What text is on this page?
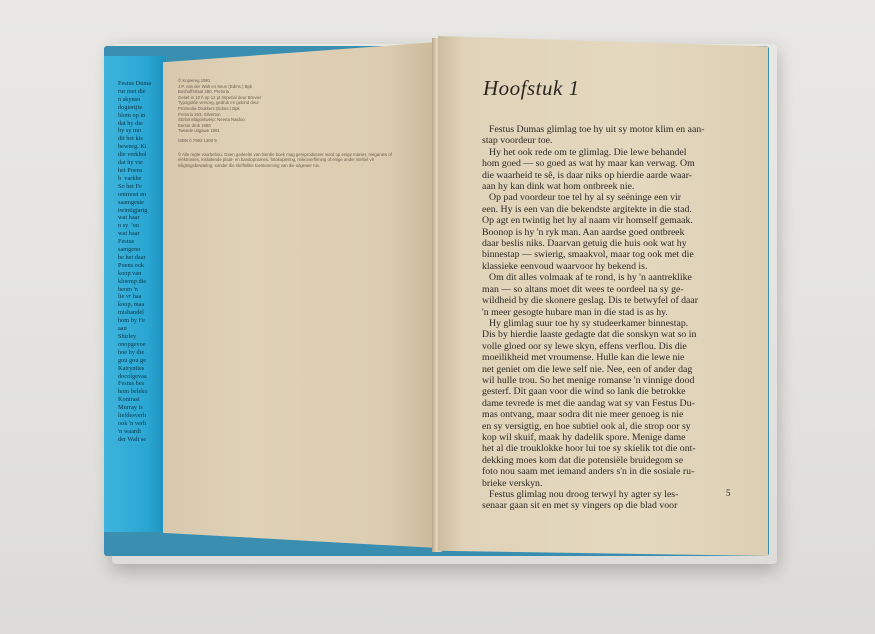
Festus Duma
rur met die
n skynso
dogtertjie
blom op in
dat hy die
hy sy mo
dit het kis
beweeg. Ki
die verkhol
dat hy vie
het Poens
b  varkhe
So het Fe
ontmoet en
saamgeste
twintigjarig
wat haar
n sy  'ou
wat haar
Festus
samgeno
be het daar
Poens ook
koop van
kloemp die
beom 'n
lie vr haa
koop, maa
mishandel
hom by Fe
aan
Shirley
onopgevoe
hoe hy die
gou gou ge
Katrynties
docolgevaa
Festus bes
hom beleko
Kontrast
Murray is
liefdesverh
ook 'n verh
'n waardi
der Walt se

© Kopiereg 1991
J.P. van der Walt en Seun (Edms.) Bpk
Boshoffstraat 380, Pretoria
Geset in 10 ñ op 12 pt Imperial deur Brevier
Typografie versorg, gedruk en gebind deur
Promedia Drukkers (Edms.) Bpk
Pretoria 263, Silverton
Stofomslagontwerp: Neena Naidoo
Eerste druk 1980
Tweede uitgawe 1991

ISBN 0 7993 1300 9

© Alle regte voorbehou. Geen gedeelte van hierdie boek mag gereproduseer word op enige manier, meganies of elektronies, insluitende plaat- en bandopnames, fotokopiëring, mikroverfilming of enige ander stelsel vir inligtingsbewaring, sonder die skriftelike toestemming van die uitgewer nie.

Hoofstuk 1
Festus Dumas glimlag toe hy uit sy motor klim en aan-
stap voordeur toe.
Hy het ook rede om te glimlag. Die lewe behandel
hom goed — so goed as wat hy maar kan verwag. Om
die waarheid te sê, is daar niks op hierdie aarde waar-
aan hy kan dink wat hom ontbreek nie.
Op pad voordeur toe tel hy al sy seëninge een vir
een. Hy is een van die bekendste argitekte in die stad.
Op agt en twintig het hy al naam vir homself gemaak.
Boonop is hy 'n ryk man. Aan aardse goed ontbreek
daar beslis niks. Daarvan getuig die huis ook wat hy
binnestap — swierig, smaakvol, maar tog ook met die
klassieke eenvoud waarvoor hy bekend is.
Om dit alles volmaak af te rond, is hy 'n aantreklike
man — so altans moet dit wees te oordeel na sy ge-
wildheid by die skonere geslag. Dis te betwyfel of daar
'n meer gesogte hubare man in die stad is as hy.
Hy glimlag suur toe hy sy studeerkamer binnestap.
Dis by hierdie laaste gedagte dat die sonskyn wat so in
volle gloed oor sy lewe skyn, effens verflou. Dis die
moeilikheid met vroumense. Hulle kan die lewe nie
net geniet om die lewe self nie. Nee, een of ander dag
wil hulle trou. So het menige romanse 'n vinnige dood
gesterf. Dit gaan voor die wind so lank die betrokke
dame tevrede is met die aandag wat sy van Festus Du-
mas ontvang, maar sodra dit nie meer genoeg is nie
en sy versigtig, en hoe subtiel ook al, die strop oor sy
kop wil skuif, maak hy dadelik spore. Menige dame
het al die trouklokke hoor lui toe sy skielik tot die ont-
dekking moes kom dat die potensiële bruidegom se
foto nou saam met iemand anders s'n in die sosiale ru-
brieke verskyn.
Festus glimlag nou droog terwyl hy agter sy les-
senaar gaan sit en met sy vingers op die blad voor
5
